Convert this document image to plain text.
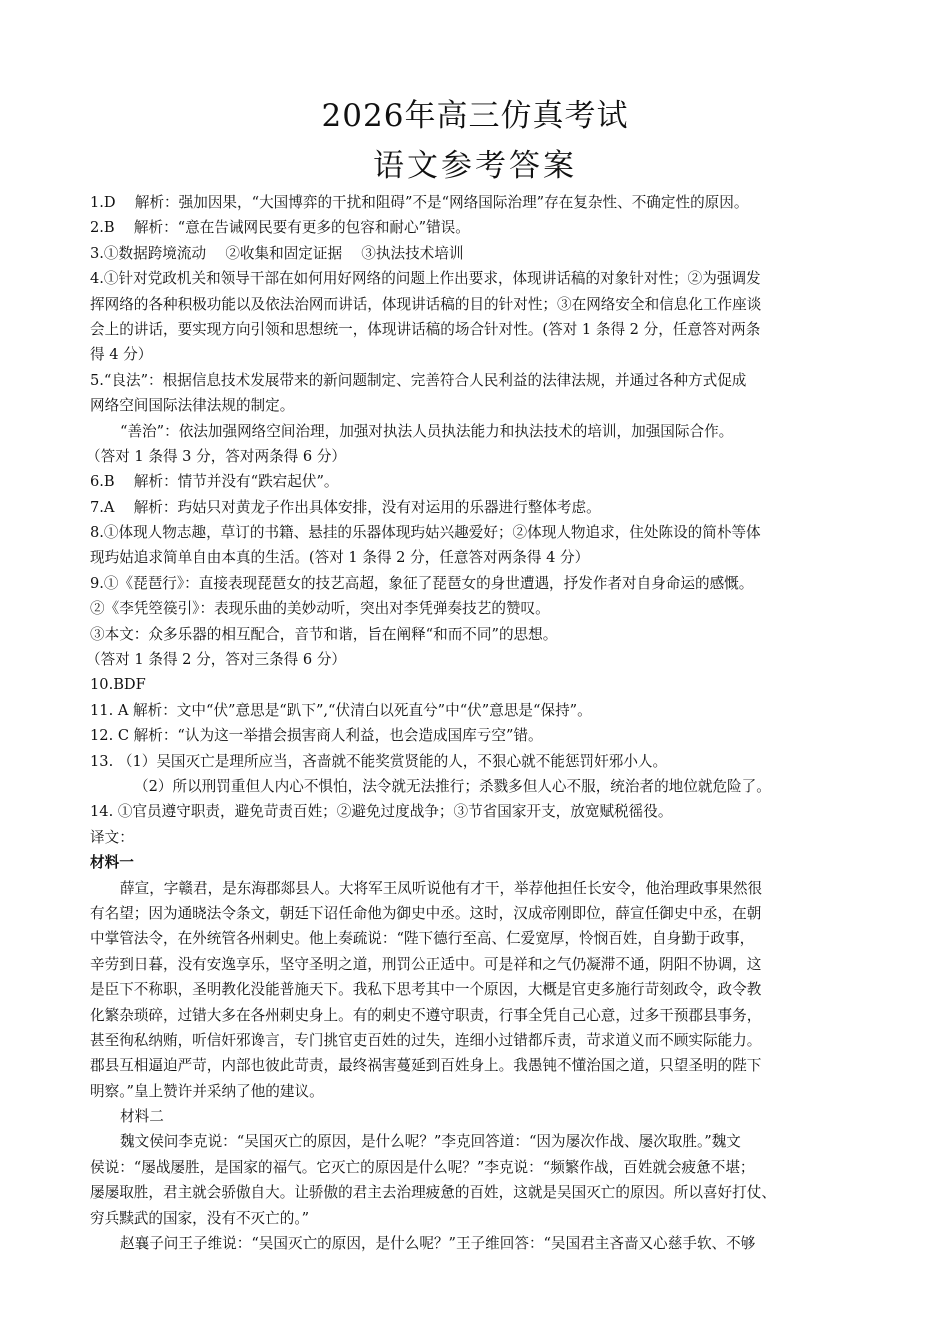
2026年高三仿真考试
语文参考答案
1.D　 解析：强加因果，“大国博弈的干扰和阻碍”不是“网络国际治理”存在复杂性、不确定性的原因。
2.B　 解析：“意在告诫网民要有更多的包容和耐心”错误。
3.①数据跨境流动　 ②收集和固定证据　 ③执法技术培训
4.①针对党政机关和领导干部在如何用好网络的问题上作出要求，体现讲话稿的对象针对性；②为强调发
挥网络的各种积极功能以及依法治网而讲话，体现讲话稿的目的针对性；③在网络安全和信息化工作座谈
会上的讲话，要实现方向引领和思想统一，体现讲话稿的场合针对性。(答对 1 条得 2 分，任意答对两条
得 4 分）
5.“良法”：根据信息技术发展带来的新问题制定、完善符合人民利益的法律法规，并通过各种方式促成
网络空间国际法律法规的制定。
“善治”：依法加强网络空间治理，加强对执法人员执法能力和执法技术的培训，加强国际合作。
（答对 1 条得 3 分，答对两条得 6 分）
6.B　 解析：情节并没有“跌宕起伏”。
7.A　 解析：玙姑只对黄龙子作出具体安排，没有对运用的乐器进行整体考虑。
8.①体现人物志趣，草订的书籍、悬挂的乐器体现玙姑兴趣爱好；②体现人物追求，住处陈设的简朴等体
现玙姑追求简单自由本真的生活。(答对 1 条得 2 分，任意答对两条得 4 分）
9.①《琵琶行》：直接表现琵琶女的技艺高超，象征了琵琶女的身世遭遇，抒发作者对自身命运的感慨。
②《李凭箜篌引》：表现乐曲的美妙动听，突出对李凭弹奏技艺的赞叹。
③本文：众多乐器的相互配合，音节和谐，旨在阐释“和而不同”的思想。
（答对 1 条得 2 分，答对三条得 6 分）
10.BDF
11. A 解析：文中“伏”意思是“趴下”,“伏清白以死直兮”中“伏”意思是“保持”。
12. C 解析：“认为这一举措会损害商人利益，也会造成国库亏空”错。
13. （1）吴国灭亡是理所应当，吝啬就不能奖赏贤能的人，不狠心就不能惩罚奸邪小人。
（2）所以刑罚重但人内心不惧怕，法令就无法推行；杀戮多但人心不服，统治者的地位就危险了。
14. ①官员遵守职责，避免苛责百姓；②避免过度战争；③节省国家开支，放宽赋税徭役。
译文：
材料一
薛宣，字赣君，是东海郡郯县人。大将军王凤听说他有才干，举荐他担任长安令，他治理政事果然很
有名望；因为通晓法令条文，朝廷下诏任命他为御史中丞。这时，汉成帝刚即位，薛宣任御史中丞，在朝
中掌管法令，在外统管各州刺史。他上奏疏说：“陛下德行至高、仁爱宽厚，怜悯百姓，自身勤于政事，
辛劳到日暮，没有安逸享乐，坚守圣明之道，刑罚公正适中。可是祥和之气仍凝滞不通，阴阳不协调，这
是臣下不称职，圣明教化没能普施天下。我私下思考其中一个原因，大概是官吏多施行苛刻政令，政令教
化繁杂琐碎，过错大多在各州刺史身上。有的刺史不遵守职责，行事全凭自己心意，过多干预郡县事务，
甚至徇私纳贿，听信奸邪谗言，专门挑官吏百姓的过失，连细小过错都斥责，苛求道义而不顾实际能力。
郡县互相逼迫严苛，内部也彼此苛责，最终祸害蔓延到百姓身上。我愚钝不懂治国之道，只望圣明的陛下
明察。”皇上赞许并采纳了他的建议。
材料二
魏文侯问李克说：“吴国灭亡的原因，是什么呢？”李克回答道：“因为屡次作战、屡次取胜。”魏文
侯说：“屡战屡胜，是国家的福气。它灭亡的原因是什么呢？”李克说：“频繁作战，百姓就会疲惫不堪；
屡屡取胜，君主就会骄傲自大。让骄傲的君主去治理疲惫的百姓，这就是吴国灭亡的原因。所以喜好打仗、
穷兵黩武的国家，没有不灭亡的。”
赵襄子问王子维说：“吴国灭亡的原因，是什么呢？”王子维回答：“吴国君主吝啬又心慈手软、不够
